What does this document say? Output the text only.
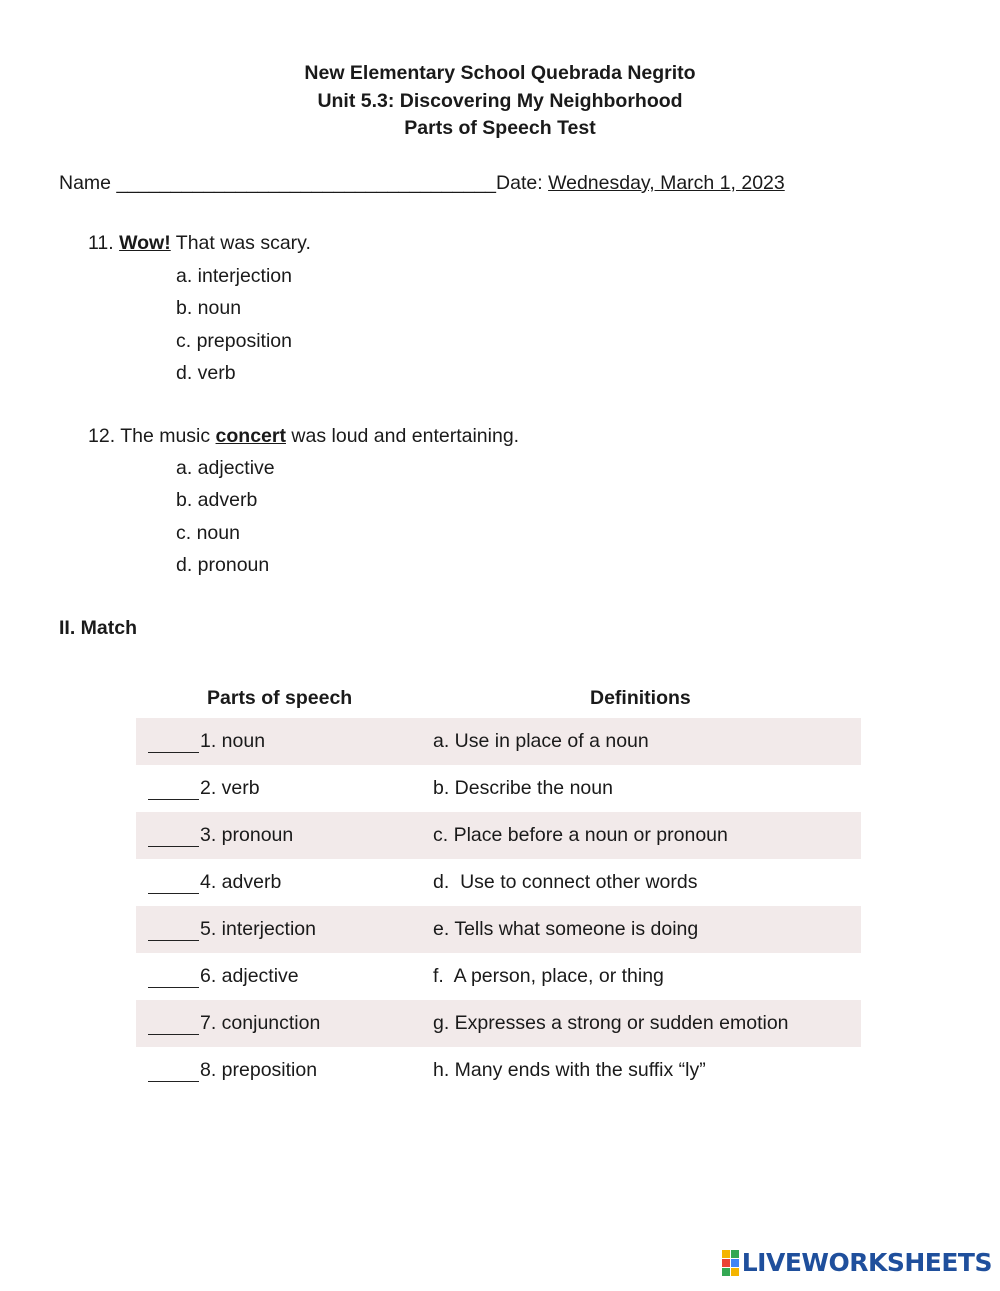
New Elementary School Quebrada Negrito
Unit 5.3: Discovering My Neighborhood
Parts of Speech Test
Name ___________________________________Date: Wednesday, March 1, 2023
11. Wow! That was scary.
a. interjection
b. noun
c. preposition
d. verb
12. The music concert was loud and entertaining.
a. adjective
b. adverb
c. noun
d. pronoun
II. Match
Parts of speech	Definitions
1. noun	a. Use in place of a noun
2. verb	b. Describe the noun
3. pronoun	c. Place before a noun or pronoun
4. adverb	d.  Use to connect other words
5. interjection	e. Tells what someone is doing
6. adjective	f.  A person, place, or thing
7. conjunction	g. Expresses a strong or sudden emotion
8. preposition	h. Many ends with the suffix “ly”
LIVEWORKSHEETS
